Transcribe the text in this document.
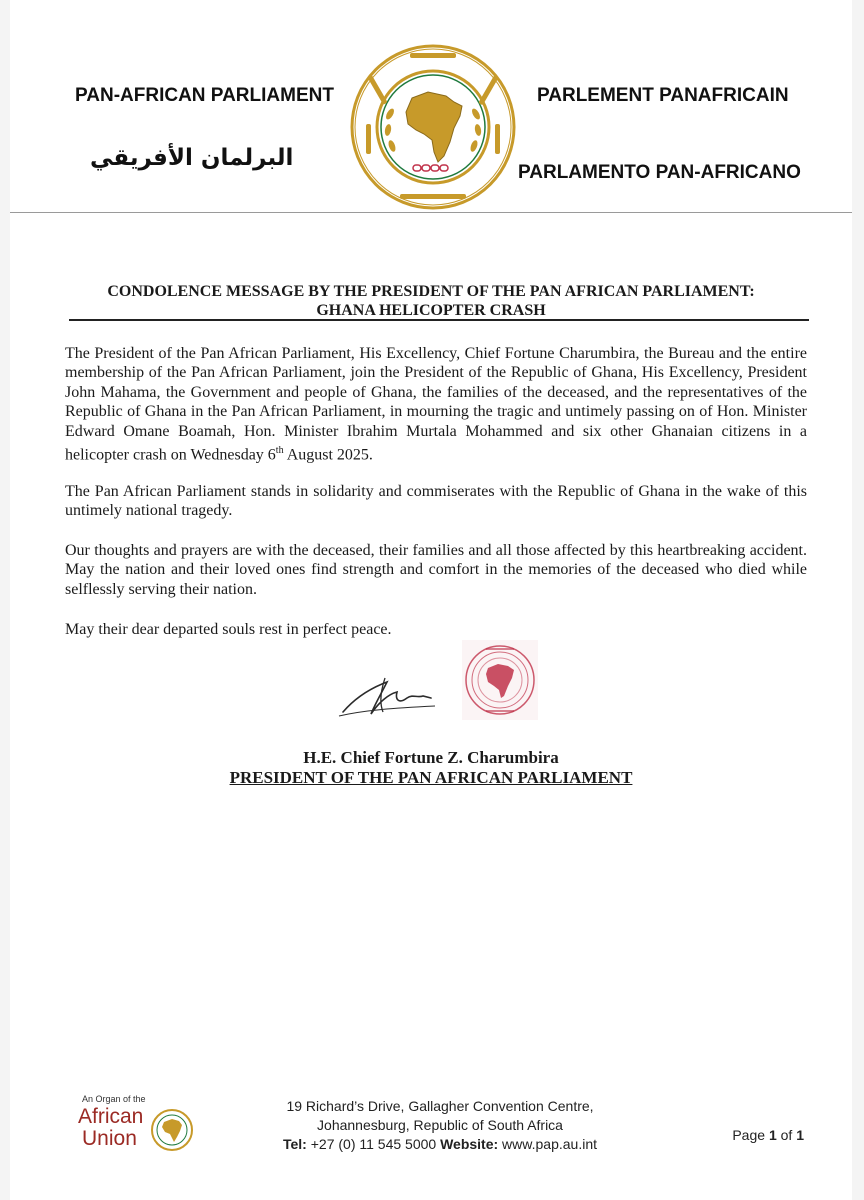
PAN-AFRICAN PARLIAMENT
البرلمان الأفريقي
PARLEMENT PANAFRICAIN
PARLAMENTO PAN-AFRICANO
CONDOLENCE MESSAGE BY THE PRESIDENT OF THE PAN AFRICAN PARLIAMENT:
GHANA HELICOPTER CRASH
The President of the Pan African Parliament, His Excellency, Chief Fortune Charumbira, the Bureau and the entire membership of the Pan African Parliament, join the President of the Republic of Ghana, His Excellency, President John Mahama, the Government and people of Ghana, the families of the deceased, and the representatives of the Republic of Ghana in the Pan African Parliament, in mourning the tragic and untimely passing on of Hon. Minister Edward Omane Boamah, Hon. Minister Ibrahim Murtala Mohammed and six other Ghanaian citizens in a helicopter crash on Wednesday 6th August 2025.
The Pan African Parliament stands in solidarity and commiserates with the Republic of Ghana in the wake of this untimely national tragedy.
Our thoughts and prayers are with the deceased, their families and all those affected by this heartbreaking accident. May the nation and their loved ones find strength and comfort in the memories of the deceased who died while selflessly serving their nation.
May their dear departed souls rest in perfect peace.
H.E. Chief Fortune Z. Charumbira
PRESIDENT OF THE PAN AFRICAN PARLIAMENT
An Organ of the
African
Union
19 Richard’s Drive, Gallagher Convention Centre,
Johannesburg, Republic of South Africa
Tel: +27 (0) 11 545 5000 Website: www.pap.au.int
Page 1 of 1
